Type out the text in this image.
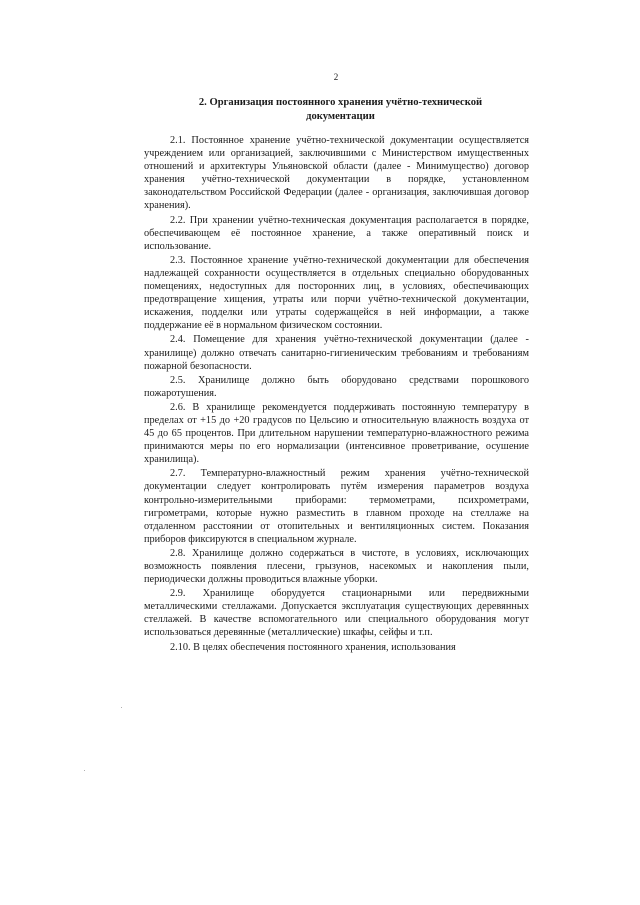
2
2. Организация постоянного хранения учётно-технической документации

2.1. Постоянное хранение учётно-технической документации осуществляется учреждением или организацией, заключившими с Министерством имущественных отношений и архитектуры Ульяновской области (далее - Минимущество) договор хранения учётно-технической документации в порядке, установленном законодательством Российской Федерации (далее - организация, заключившая договор хранения).

2.2. При хранении учётно-техническая документация располагается в порядке, обеспечивающем её постоянное хранение, а также оперативный поиск и использование.

2.3. Постоянное хранение учётно-технической документации для обеспечения надлежащей сохранности осуществляется в отдельных специально оборудованных помещениях, недоступных для посторонних лиц, в условиях, обеспечивающих предотвращение хищения, утраты или порчи учётно-технической документации, искажения, подделки или утраты содержащейся в ней информации, а также поддержание её в нормальном физическом состоянии.

2.4. Помещение для хранения учётно-технической документации (далее - хранилище) должно отвечать санитарно-гигиеническим требованиям и требованиям пожарной безопасности.

2.5. Хранилище должно быть оборудовано средствами порошкового пожаротушения.

2.6. В хранилище рекомендуется поддерживать постоянную температуру в пределах от +15 до +20 градусов по Цельсию и относительную влажность воздуха от 45 до 65 процентов. При длительном нарушении температурно-влажностного режима принимаются меры по его нормализации (интенсивное проветривание, осушение хранилища).

2.7. Температурно-влажностный режим хранения учётно-технической документации следует контролировать путём измерения параметров воздуха контрольно-измерительными приборами: термометрами, психрометрами, гигрометрами, которые нужно разместить в главном проходе на стеллаже на отдаленном расстоянии от отопительных и вентиляционных систем. Показания приборов фиксируются в специальном журнале.

2.8. Хранилище должно содержаться в чистоте, в условиях, исключающих возможность появления плесени, грызунов, насекомых и накопления пыли, периодически должны проводиться влажные уборки.

2.9. Хранилище оборудуется стационарными или передвижными металлическими стеллажами. Допускается эксплуатация существующих деревянных стеллажей. В качестве вспомогательного или специального оборудования могут использоваться деревянные (металлические) шкафы, сейфы и т.п.

2.10. В целях обеспечения постоянного хранения, использования
